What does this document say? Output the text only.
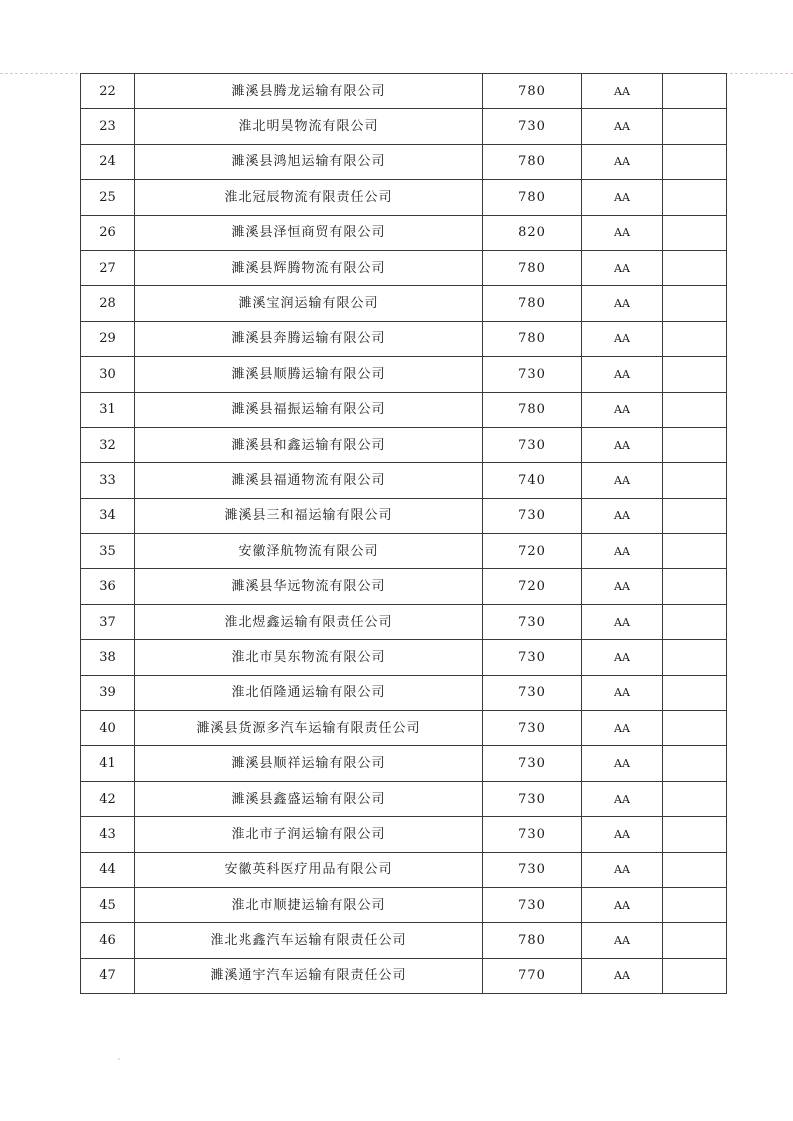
22	濉溪县腾龙运输有限公司	780	AA	
23	淮北明昊物流有限公司	730	AA	
24	濉溪县鸿旭运输有限公司	780	AA	
25	淮北冠辰物流有限责任公司	780	AA	
26	濉溪县泽恒商贸有限公司	820	AA	
27	濉溪县辉腾物流有限公司	780	AA	
28	濉溪宝润运输有限公司	780	AA	
29	濉溪县奔腾运输有限公司	780	AA	
30	濉溪县顺腾运输有限公司	730	AA	
31	濉溪县福振运输有限公司	780	AA	
32	濉溪县和鑫运输有限公司	730	AA	
33	濉溪县福通物流有限公司	740	AA	
34	濉溪县三和福运输有限公司	730	AA	
35	安徽泽航物流有限公司	720	AA	
36	濉溪县华远物流有限公司	720	AA	
37	淮北煜鑫运输有限责任公司	730	AA	
38	淮北市昊东物流有限公司	730	AA	
39	淮北佰隆通运输有限公司	730	AA	
40	濉溪县货源多汽车运输有限责任公司	730	AA	
41	濉溪县顺祥运输有限公司	730	AA	
42	濉溪县鑫盛运输有限公司	730	AA	
43	淮北市子润运输有限公司	730	AA	
44	安徽英科医疗用品有限公司	730	AA	
45	淮北市顺捷运输有限公司	730	AA	
46	淮北兆鑫汽车运输有限责任公司	780	AA	
47	濉溪通宇汽车运输有限责任公司	770	AA	
